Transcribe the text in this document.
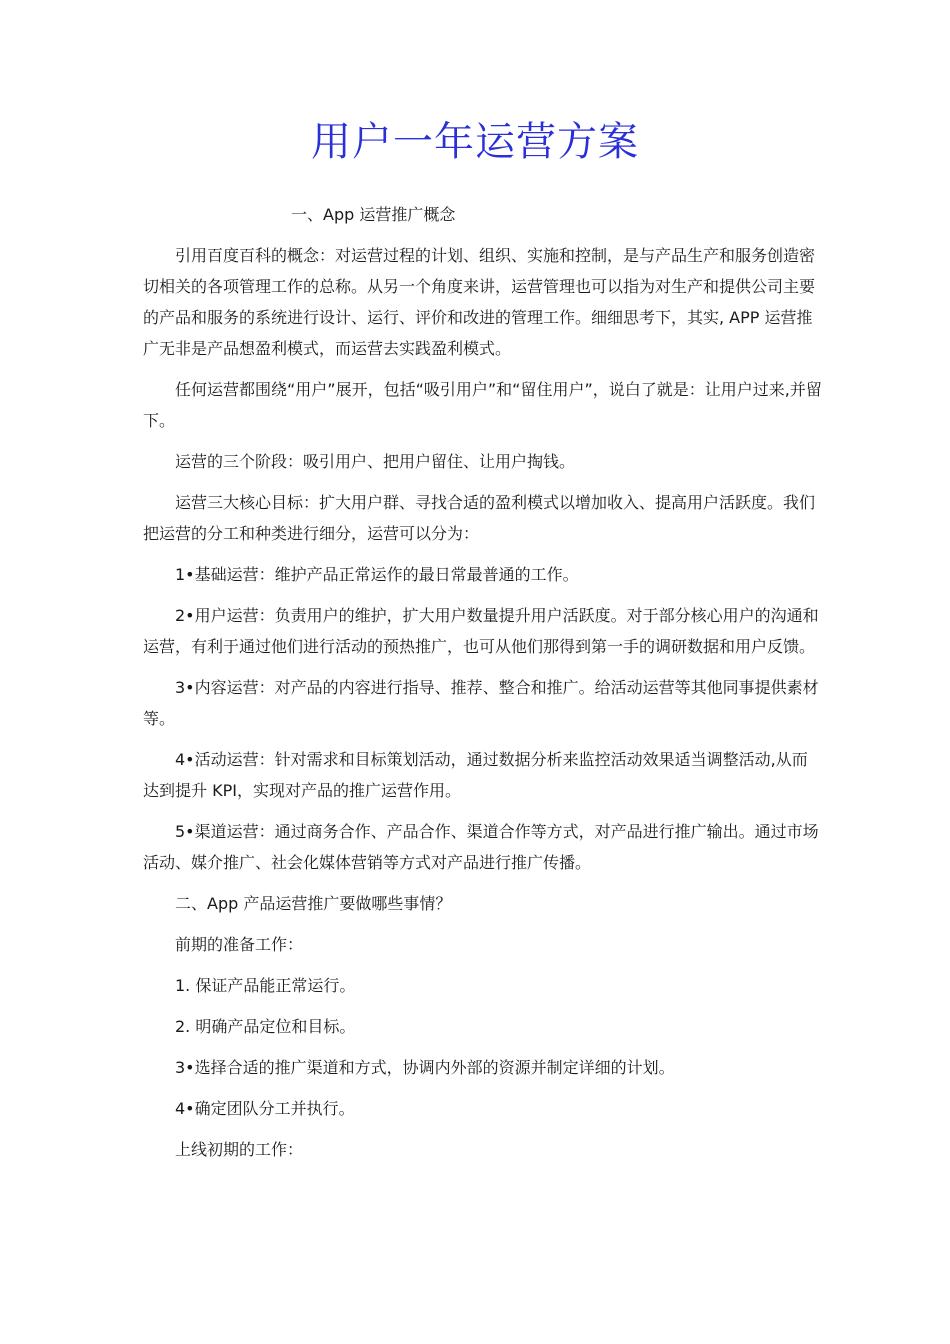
用户一年运营方案

一、App 运营推广概念

引用百度百科的概念：对运营过程的计划、组织、实施和控制，是与产品生产和服务创造密切相关的各项管理工作的总称。从另一个角度来讲，运营管理也可以指为对生产和提供公司主要的产品和服务的系统进行设计、运行、评价和改进的管理工作。细细思考下，其实, APP 运营推广无非是产品想盈利模式，而运营去实践盈利模式。

任何运营都围绕“用户”展开，包括“吸引用户”和“留住用户”，说白了就是：让用户过来,并留下。

运营的三个阶段：吸引用户、把用户留住、让用户掏钱。

运营三大核心目标：扩大用户群、寻找合适的盈利模式以增加收入、提高用户活跃度。我们把运营的分工和种类进行细分，运营可以分为：

1•基础运营：维护产品正常运作的最日常最普通的工作。

2•用户运营：负责用户的维护，扩大用户数量提升用户活跃度。对于部分核心用户的沟通和运营，有利于通过他们进行活动的预热推广，也可从他们那得到第一手的调研数据和用户反馈。

3•内容运营：对产品的内容进行指导、推荐、整合和推广。给活动运营等其他同事提供素材等。

4•活动运营：针对需求和目标策划活动，通过数据分析来监控活动效果适当调整活动,从而达到提升 KPI，实现对产品的推广运营作用。

5•渠道运营：通过商务合作、产品合作、渠道合作等方式，对产品进行推广输出。通过市场活动、媒介推广、社会化媒体营销等方式对产品进行推广传播。

二、App 产品运营推广要做哪些事情？

前期的准备工作：

1. 保证产品能正常运行。

2. 明确产品定位和目标。

3•选择合适的推广渠道和方式，协调内外部的资源并制定详细的计划。

4•确定团队分工并执行。

上线初期的工作：
